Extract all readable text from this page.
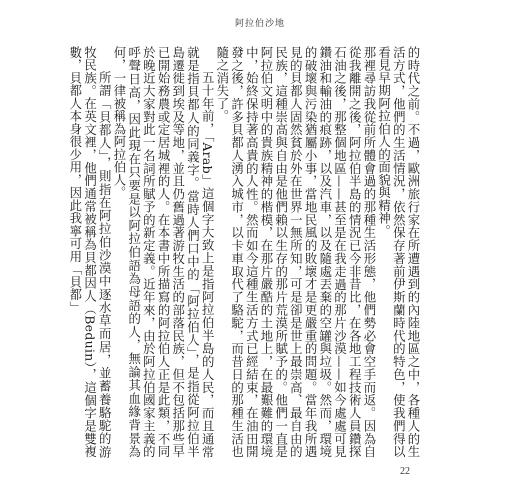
阿拉伯沙地

的時代之前。不過，歐洲旅行家在所遭遇到的內陸地區之中，各種人的生活方式，他們的生活情況，依然保存著前伊斯蘭時代的特色，使我們得以看見早期阿拉伯人的面貌與精神。

那裡尋訪我從前所體會過的那種生活形態，他們勢必會空手而返。因為自從我離開之後，阿拉伯半島的情況已今非昔比，在各地工程技術人員鑽探石油之後，那整個地區——甚至是在我走過的那片沙漠——如今處處可見鑽油和輸油的痕跡，以及汽車，以及隨處丟棄的空罐與垃圾。然而，環境的破壞與污染猶屬小事，當地民風的敗壞才是更嚴重的問題。當年我所遇見的貝都人固然貧於外在世界一無所知，可是卻是世上最崇高、最自由的民族，這種崇高與自由是他們賴以生存的那片荒漠所賦予的。他們一直是阿拉伯文明中的貴族精神的楷模，在那片嚴酷的土地上，在最艱難的環境中，始終保持著高貴的人性。然而如今這種生活方式已經結束，在油田開發之後，許多貝都人湧入城市，以卡車取代了駱駝，而昔日的那種生活也隨之消失了。

五十年前，「Arab」這個字大致上是指阿拉伯半島的人民，而且通常就是指貝都人的同義字。當時人們口中的「阿拉伯人」，是指從阿拉伯半島遷徙到埃及等地，並且仍舊過著游牧生活的部落民族，但不包括那些早已開始務農或定居城裡的人。在本書中所描寫的阿拉伯人正是此類，不同於晚近大家對此一名詞所賦予的新定義。近年來，由於阿拉伯國家主義的呼聲日高，因此現在只要是以阿拉伯語為母語的人，無論其血緣背景為何，一律被稱為阿拉伯人。

所謂「貝都人」，則指在阿拉伯沙漠中逐水草而居，並蓄養駱駝的游牧民族。在英文裡，他們通常被稱為貝都因人（Beduin），這個字是雙複數，貝都人本身很少用，因此我寧可用「貝都」

22
